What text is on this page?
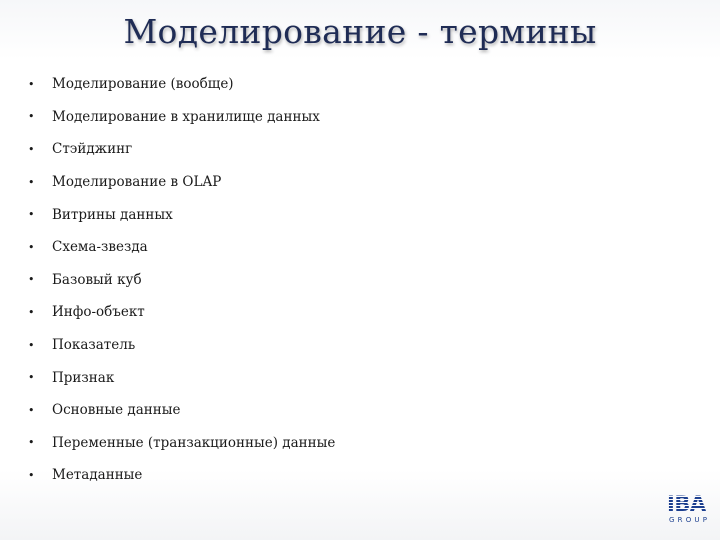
Моделирование - термины
•	Моделирование (вообще)
•	Моделирование в хранилище данных
•	Стэйджинг
•	Моделирование в OLAP
•	Витрины данных
•	Схема-звезда
•	Базовый куб
•	Инфо-объект
•	Показатель
•	Признак
•	Основные данные
•	Переменные (транзакционные) данные
•	Метаданные
IBA
GROUP
